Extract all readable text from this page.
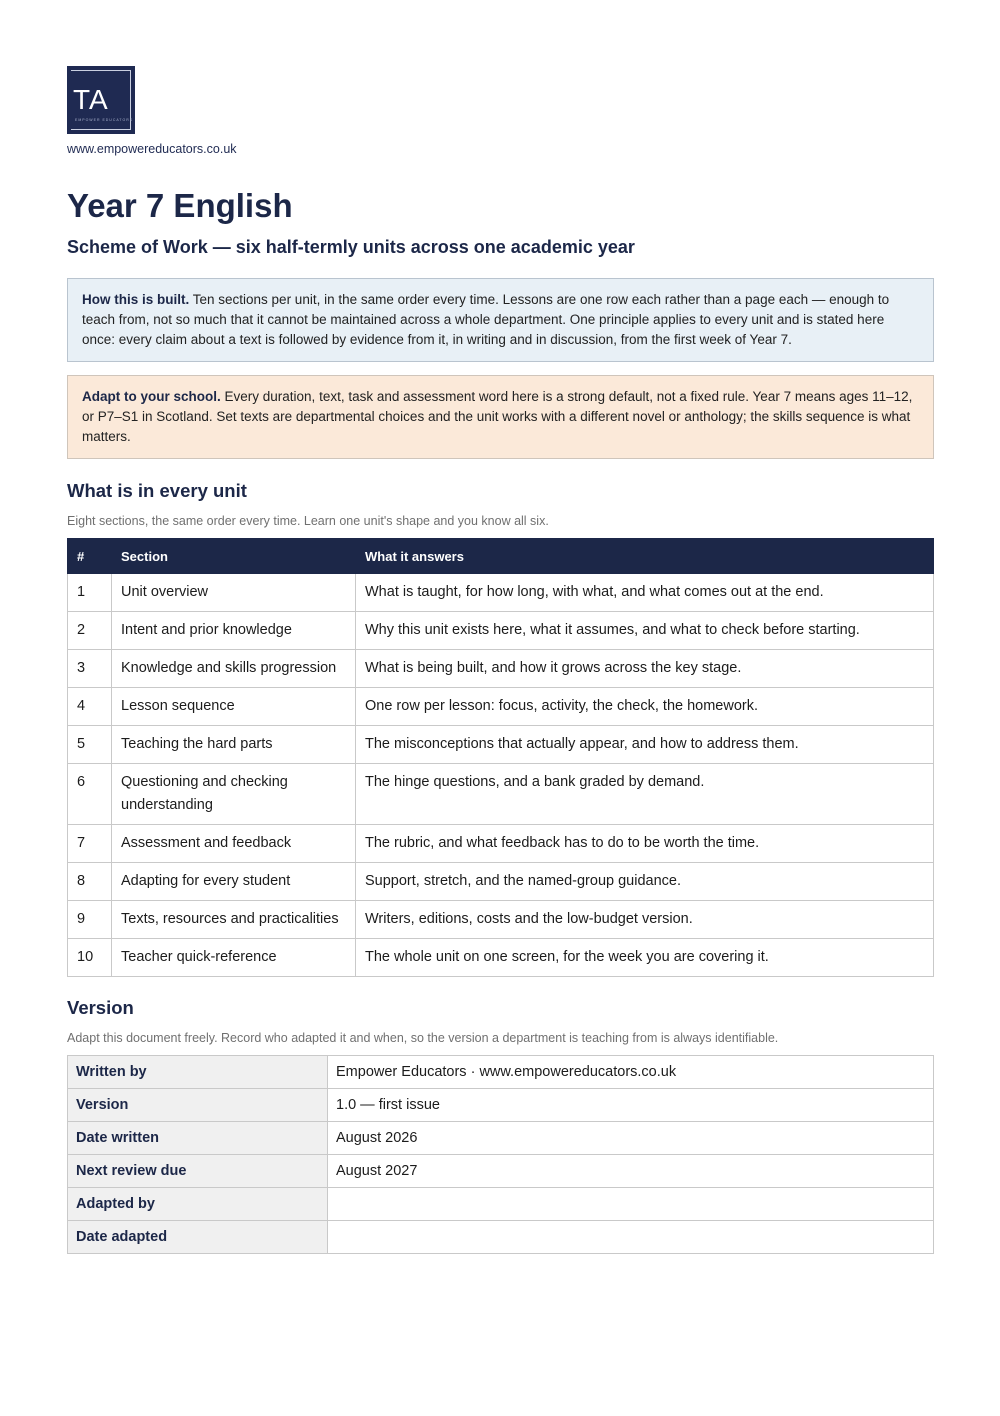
TA
EMPOWER EDUCATORS
www.empowereducators.co.uk
Year 7 English
Scheme of Work — six half-termly units across one academic year
How this is built. Ten sections per unit, in the same order every time. Lessons are one row each rather than a page each — enough to teach from, not so much that it cannot be maintained across a whole department. One principle applies to every unit and is stated here once: every claim about a text is followed by evidence from it, in writing and in discussion, from the first week of Year 7.
Adapt to your school. Every duration, text, task and assessment word here is a strong default, not a fixed rule. Year 7 means ages 11–12, or P7–S1 in Scotland. Set texts are departmental choices and the unit works with a different novel or anthology; the skills sequence is what matters.
What is in every unit
Eight sections, the same order every time. Learn one unit's shape and you know all six.
#	Section	What it answers
1	Unit overview	What is taught, for how long, with what, and what comes out at the end.
2	Intent and prior knowledge	Why this unit exists here, what it assumes, and what to check before starting.
3	Knowledge and skills progression	What is being built, and how it grows across the key stage.
4	Lesson sequence	One row per lesson: focus, activity, the check, the homework.
5	Teaching the hard parts	The misconceptions that actually appear, and how to address them.
6	Questioning and checking understanding	The hinge questions, and a bank graded by demand.
7	Assessment and feedback	The rubric, and what feedback has to do to be worth the time.
8	Adapting for every student	Support, stretch, and the named-group guidance.
9	Texts, resources and practicalities	Writers, editions, costs and the low-budget version.
10	Teacher quick-reference	The whole unit on one screen, for the week you are covering it.
Version
Adapt this document freely. Record who adapted it and when, so the version a department is teaching from is always identifiable.
Written by	Empower Educators · www.empowereducators.co.uk
Version	1.0 — first issue
Date written	August 2026
Next review due	August 2027
Adapted by	
Date adapted	
